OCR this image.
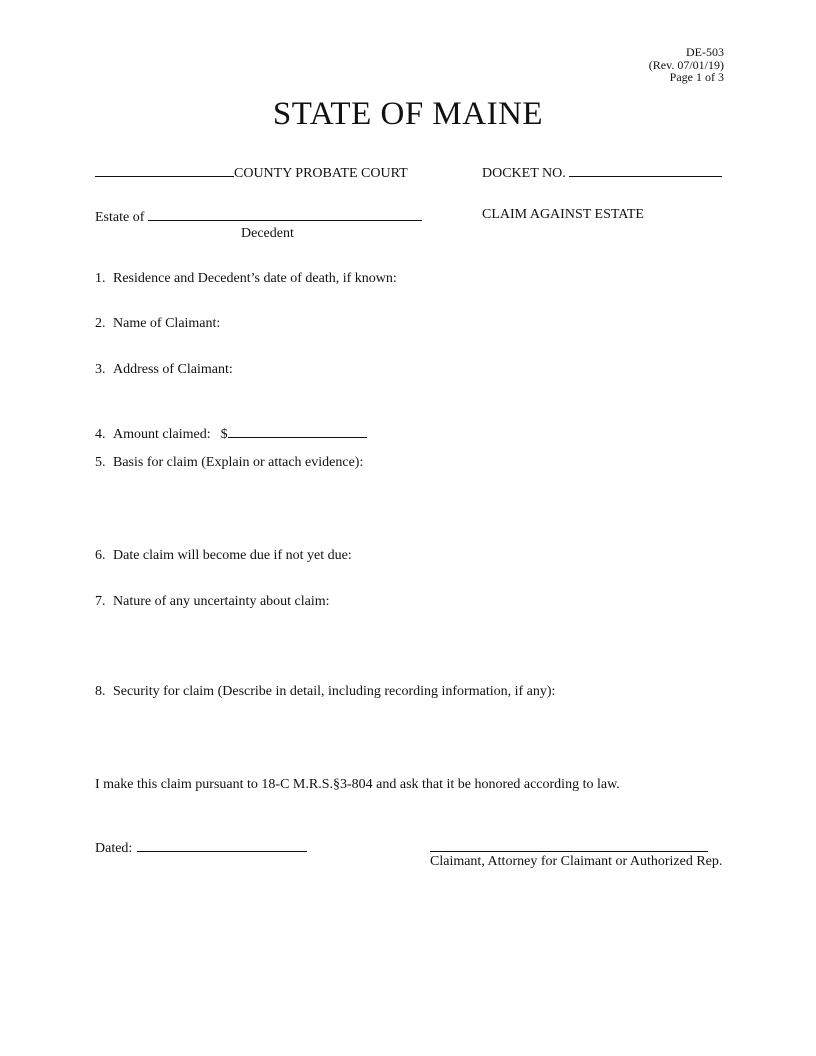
DE-503
(Rev. 07/01/19)
Page 1 of 3
STATE OF MAINE
COUNTY PROBATE COURT	DOCKET NO.
Estate of
Decedent
CLAIM AGAINST ESTATE
1. Residence and Decedent’s date of death, if known:
2. Name of Claimant:
3. Address of Claimant:
4. Amount claimed: $
5. Basis for claim (Explain or attach evidence):
6. Date claim will become due if not yet due:
7. Nature of any uncertainty about claim:
8. Security for claim (Describe in detail, including recording information, if any):
I make this claim pursuant to 18-C M.R.S.§3-804 and ask that it be honored according to law.
Dated:
Claimant, Attorney for Claimant or Authorized Rep.
